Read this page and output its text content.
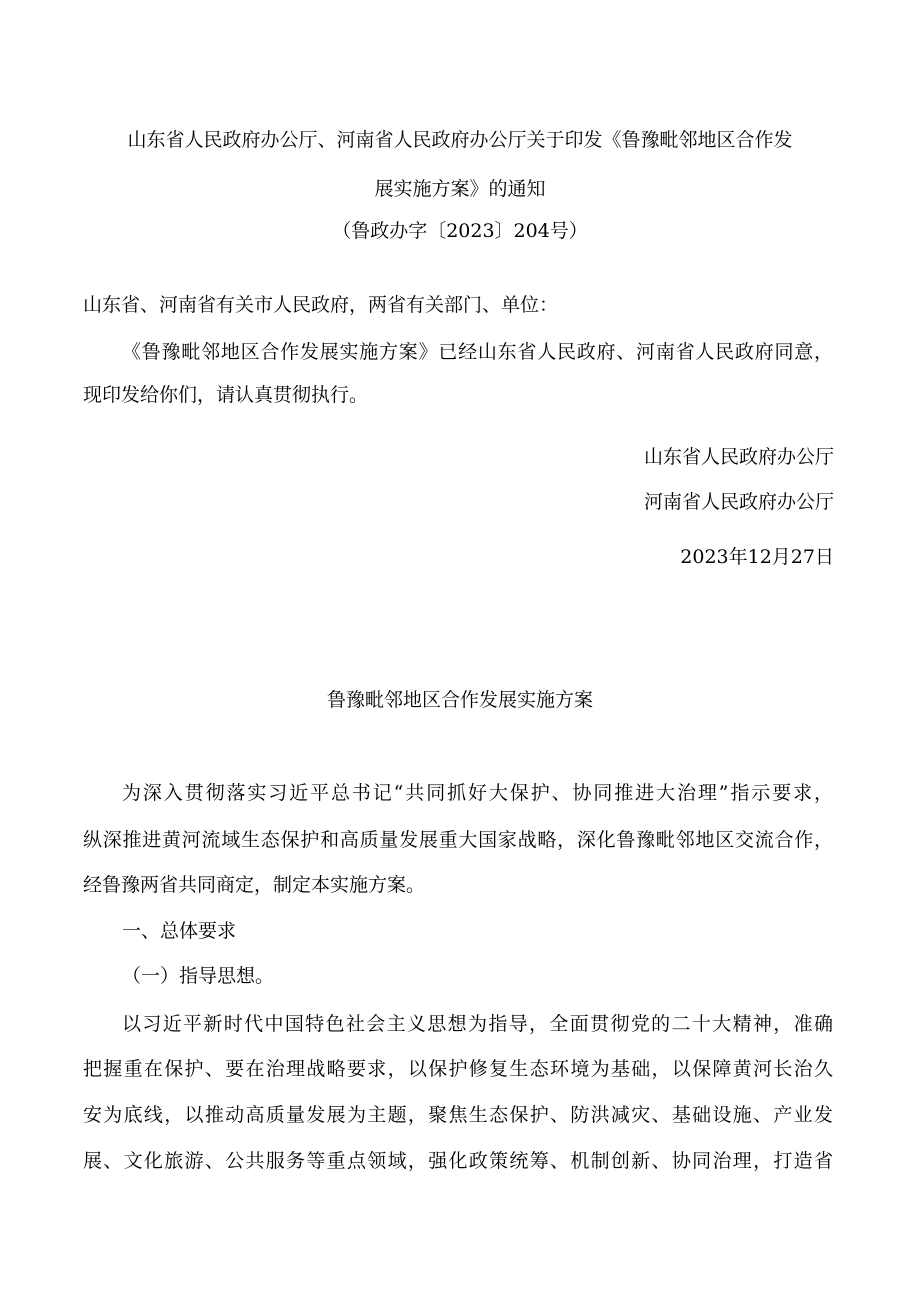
山东省人民政府办公厅、河南省人民政府办公厅关于印发《鲁豫毗邻地区合作发
展实施方案》的通知
（鲁政办字〔2023〕204号）
山东省、河南省有关市人民政府，两省有关部门、单位：
《鲁豫毗邻地区合作发展实施方案》已经山东省人民政府、河南省人民政府同意，
现印发给你们，请认真贯彻执行。
山东省人民政府办公厅
河南省人民政府办公厅
2023年12月27日
鲁豫毗邻地区合作发展实施方案
为深入贯彻落实习近平总书记“共同抓好大保护、协同推进大治理”指示要求，
纵深推进黄河流域生态保护和高质量发展重大国家战略，深化鲁豫毗邻地区交流合作，
经鲁豫两省共同商定，制定本实施方案。
一、总体要求
（一）指导思想。
以习近平新时代中国特色社会主义思想为指导，全面贯彻党的二十大精神，准确
把握重在保护、要在治理战略要求，以保护修复生态环境为基础，以保障黄河长治久
安为底线，以推动高质量发展为主题，聚焦生态保护、防洪减灾、基础设施、产业发
展、文化旅游、公共服务等重点领域，强化政策统筹、机制创新、协同治理，打造省
